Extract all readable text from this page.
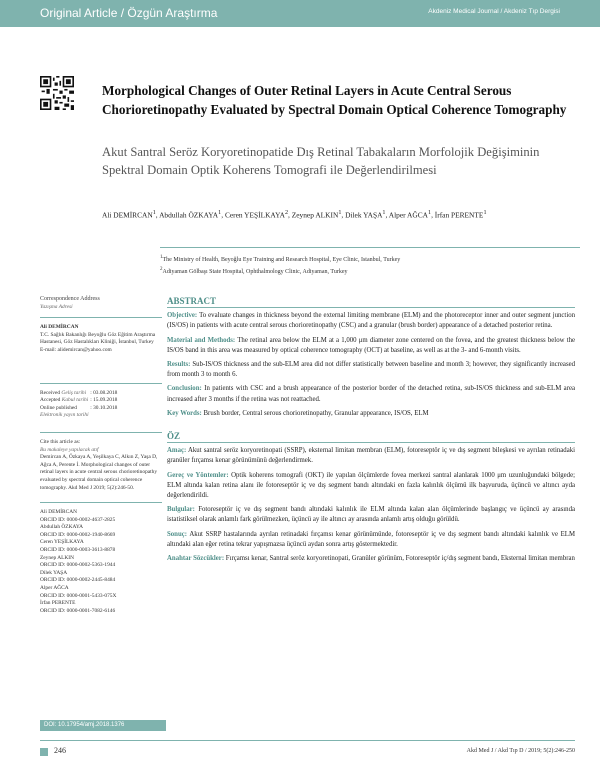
Original Article / Özgün Araştırma	Akdeniz Medical Journal / Akdeniz Tıp Dergisi
Morphological Changes of Outer Retinal Layers in Acute Central Serous Chorioretinopathy Evaluated by Spectral Domain Optical Coherence Tomography
Akut Santral Seröz Koryoretinopatide Dış Retinal Tabakaların Morfolojik Değişiminin Spektral Domain Optik Koherens Tomografi ile Değerlendirilmesi
Ali DEMİRCAN$^1$, Abdullah ÖZKAYA$^1$, Ceren YEŞİLKAYA$^2$, Zeynep ALKIN$^1$, Dilek YAŞA$^1$, Alper AĞCA$^1$, İrfan PERENTE$^1$
$^1$The Ministry of Health, Beyoğlu Eye Training and Research Hospital, Eye Clinic, Istanbul, Turkey
$^2$Adiyaman Gölbaşı State Hospital, Ophthalmology Clinic, Adiyaman, Turkey
Correspondence Address
Yazışma Adresi
Ali DEMİRCAN
T.C. Sağlık Bakanlığı Beyoğlu Göz Eğitim Araştırma Hastanesi, Göz Hastalıkları Kliniği, İstanbul, Turkey
E-mail: alidemircan@yahoo.com
Received Geliş tarihi	: 03.08.2018
Accepted Kabul tarihi	: 15.09.2018
Online published	: 30.10.2018
Elektronik yayın tarihi
Cite this article as:
Bu makaleye yapılacak atıf
Demircan A, Özkaya A, Yeşilkaya C, Alkın Z, Yaşa D, Ağca A, Perente İ. Morphological changes of outer retinal layers in acute central serous chorioretinopathy evaluated by spectral domain optical coherence tomography. Akd Med J 2019; 5(2):246-50.
Ali DEMİRCAN
ORCID ID: 0000-0002-4637-2825
Abdullah ÖZKAYA
ORCID ID: 0000-0002-1940-8669
Ceren YEŞİLKAYA
ORCID ID: 0000-0003-3613-8878
Zeynep ALKIN
ORCID ID: 0000-0002-5363-1944
Dilek YAŞA
ORCID ID: 0000-0002-2445-8484
Alper AĞCA
ORCID ID: 0000-0001-5433-075X
İrfan PERENTE
ORCID ID: 0000-0001-7082-6146
ABSTRACT

Objective: To evaluate changes in thickness beyond the external limiting membrane (ELM) and the photoreceptor inner and outer segment junction (IS/OS) in patients with acute central serous chorioretinopathy (CSC) and a granular (brush border) appearance of a detached posterior retina.

Material and Methods: The retinal area below the ELM at a 1,000 μm diameter zone centered on the fovea, and the greatest thickness below the IS/OS band in this area was measured by optical coherence tomography (OCT) at baseline, as well as at the 3- and 6-month visits.

Results: Sub-IS/OS thickness and the sub-ELM area did not differ statistically between baseline and month 3; however, they significantly increased from month 3 to month 6.

Conclusion: In patients with CSC and a brush appearance of the posterior border of the detached retina, sub-IS/OS thickness and sub-ELM area increased after 3 months if the retina was not reattached.

Key Words: Brush border, Central serous chorioretinopathy, Granular appearance, IS/OS, ELM

ÖZ

Amaç: Akut santral seröz koryoretinopati (SSRP), eksternal limitan membran (ELM), fotoreseptör iç ve dış segment bileşkesi ve ayrılan retinadaki granüler fırçamsı kenar görünümünü değerlendirmek.

Gereç ve Yöntemler: Optik koherens tomografi (OKT) ile yapılan ölçümlerde fovea merkezi santral alanlarak 1000 μm uzunluğundaki bölgede; ELM altında kalan retina alanı ile fotoreseptör iç ve dış segment bandı altındaki en fazla kalınlık ölçümü ilk başvuruda, üçüncü ve altıncı ayda değerlendirildi.

Bulgular: Fotoreseptör iç ve dış segment bandı altındaki kalınlık ile ELM altında kalan alan ölçümlerinde başlangıç ve üçüncü ay arasında istatistiksel olarak anlamlı fark görülmezken, üçüncü ay ile altıncı ay arasında anlamlı artış olduğu görüldü.

Sonuç: Akut SSRP hastalarında ayrılan retinadaki fırçamsı kenar görünümünde, fotoreseptör iç ve dış segment bandı altındaki kalınlık ve ELM altındaki alan eğer retina tekrar yapışmazsa üçüncü aydan sonra artış göstermektedir.

Anahtar Sözcükler: Fırçamsı kenar, Santral seröz koryoretinopati, Granüler görünüm, Fotoreseptör iç/dış segment bandı, Eksternal limitan membran

DOI: 10.17954/amj.2018.1376
246	Akd Med J / Akd Tıp D / 2019; 5(2):246-250
